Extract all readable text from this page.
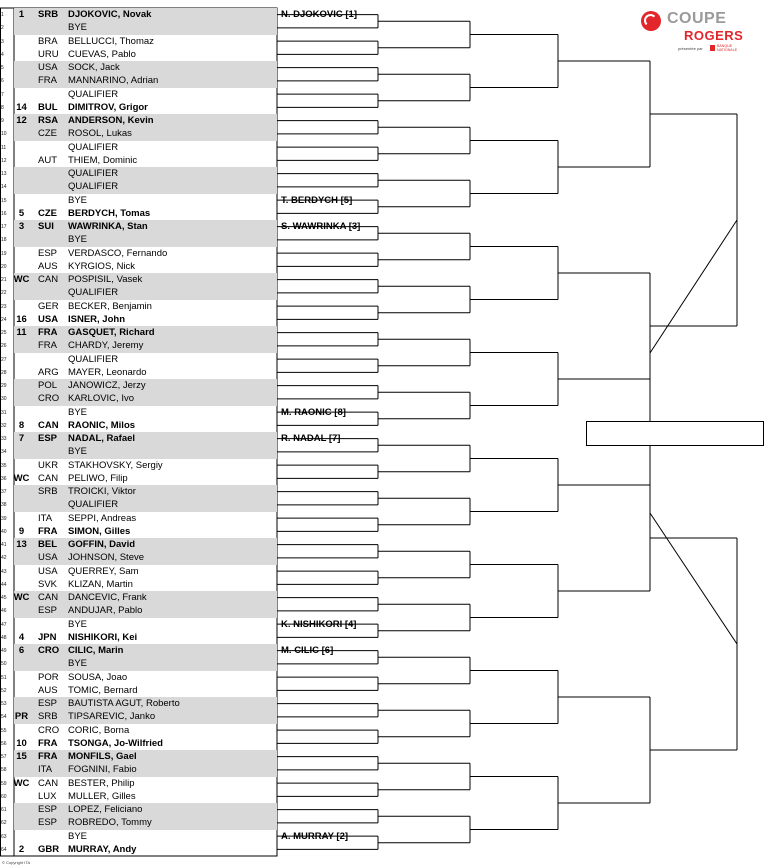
1	1	SRB	DJOKOVIC, Novak
2	BYE
3	BRA	BELLUCCI, Thomaz
4	URU CUEVAS, Pablo
5	USA	SOCK, Jack
6	FRA	MANNARINO, Adrian
7	QUALIFIER
8	14	BUL	DIMITROV, Grigor
9	12	RSA	ANDERSON, Kevin
10	CZE	ROSOL, Lukas
11	QUALIFIER
12	AUT	THIEM, Dominic
13	QUALIFIER
14	QUALIFIER
15	BYE
16	5	CZE	BERDYCH, Tomas
17	3	SUI	WAWRINKA, Stan
18	BYE
19	ESP	VERDASCO, Fernando
20	AUS	KYRGIOS, Nick
21 WC CAN	POSPISIL, Vasek
22	QUALIFIER
23	GER BECKER, Benjamin
24	16	USA	ISNER, John
25	11	FRA	GASQUET, Richard
26	FRA	CHARDY, Jeremy
27	QUALIFIER
28	ARG MAYER, Leonardo
29	POL	JANOWICZ, Jerzy
30	CRO KARLOVIC, Ivo
31	BYE
32	8	CAN RAONIC, Milos
33	7	ESP	NADAL, Rafael
34	BYE
35	UKR	STAKHOVSKY, Sergiy
36 WC CAN	PELIWO, Filip
37	SRB	TROICKI, Viktor
38	QUALIFIER
39	ITA	SEPPI, Andreas
40	9	FRA	SIMON, Gilles
41	13	BEL	GOFFIN, David
42	USA	JOHNSON, Steve
43	USA	QUERREY, Sam
44	SVK	KLIZAN, Martin
45 WC CAN	DANCEVIC, Frank
46	ESP	ANDUJAR, Pablo
47	BYE
48	4	JPN	NISHIKORI, Kei
49	6	CRO CILIC, Marin
50	BYE
51	POR SOUSA, Joao
52	AUS	TOMIC, Bernard
53	ESP	BAUTISTA AGUT, Roberto
54 PR	SRB	TIPSAREVIC, Janko
55	CRO CORIC, Borna
56	10	FRA	TSONGA, Jo-Wilfried
57	15	FRA	MONFILS, Gael
58	ITA	FOGNINI, Fabio
59 WC CAN	BESTER, Philip
60	LUX	MULLER, Gilles
61	ESP	LOPEZ, Feliciano
62	ESP	ROBREDO, Tommy
63	BYE
64	2	GBR MURRAY, Andy
COUPE
ROGERS
présentée par	BANQUE NATIONALE
© Copyright ITA
N. DJOKOVIC [1]
T. BERDYCH [5]
S. WAWRINKA [3]
M. RAONIC [8]
R. NADAL [7]
K. NISHIKORI [4]
M. CILIC [6]
A. MURRAY [2]
